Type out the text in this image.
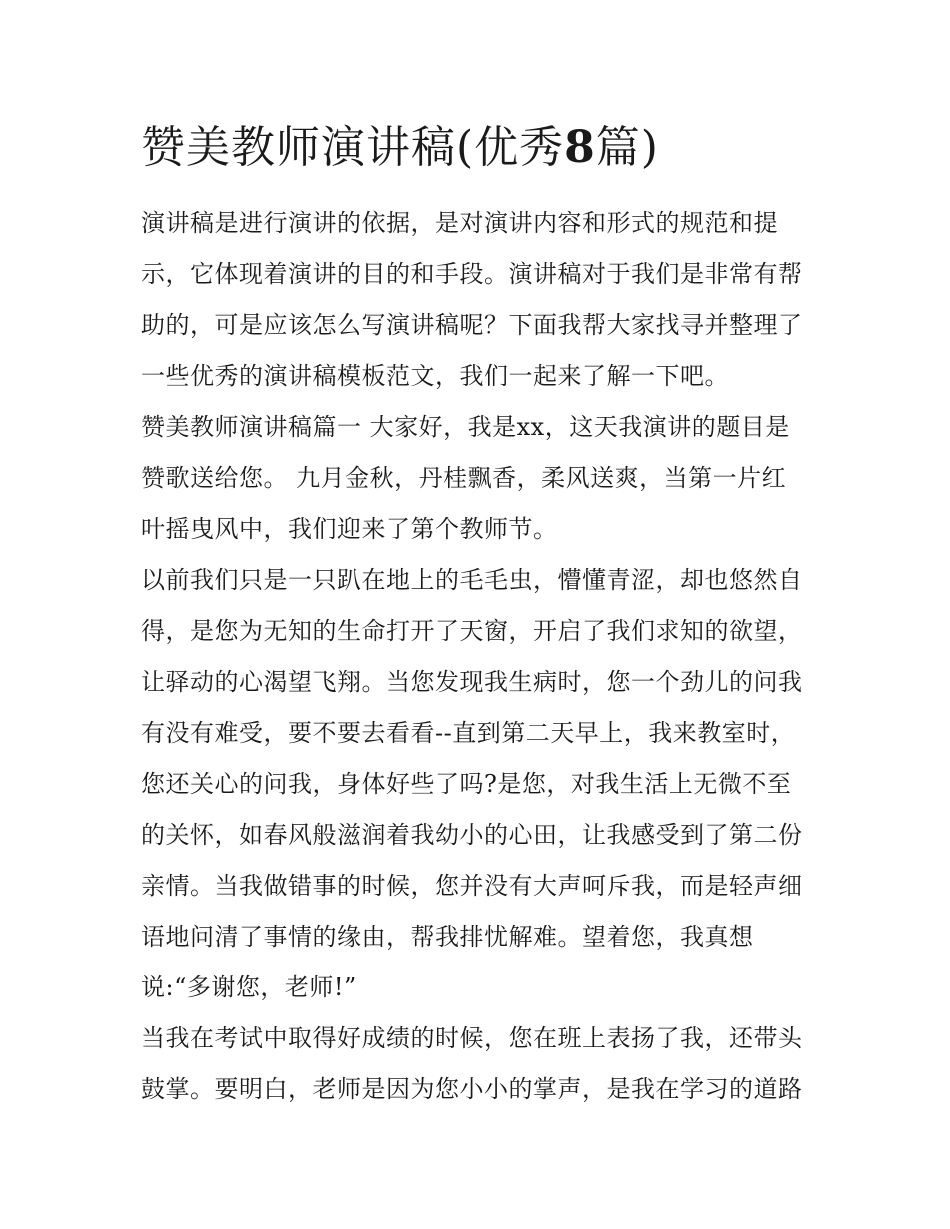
赞美教师演讲稿(优秀8篇)

演讲稿是进行演讲的依据，是对演讲内容和形式的规范和提

示，它体现着演讲的目的和手段。演讲稿对于我们是非常有帮

助的，可是应该怎么写演讲稿呢？下面我帮大家找寻并整理了

一些优秀的演讲稿模板范文，我们一起来了解一下吧。

赞美教师演讲稿篇一 大家好，我是xx，这天我演讲的题目是

赞歌送给您。 九月金秋，丹桂飘香，柔风送爽，当第一片红

叶摇曳风中，我们迎来了第个教师节。

以前我们只是一只趴在地上的毛毛虫，懵懂青涩，却也悠然自

得，是您为无知的生命打开了天窗，开启了我们求知的欲望，

让驿动的心渴望飞翔。当您发现我生病时，您一个劲儿的问我

有没有难受，要不要去看看--直到第二天早上，我来教室时，

您还关心的问我，身体好些了吗?是您，对我生活上无微不至

的关怀，如春风般滋润着我幼小的心田，让我感受到了第二份

亲情。当我做错事的时候，您并没有大声呵斥我，而是轻声细

语地问清了事情的缘由，帮我排忧解难。望着您，我真想

说:“多谢您，老师!”

当我在考试中取得好成绩的时候，您在班上表扬了我，还带头

鼓掌。要明白，老师是因为您小小的掌声，是我在学习的道路
